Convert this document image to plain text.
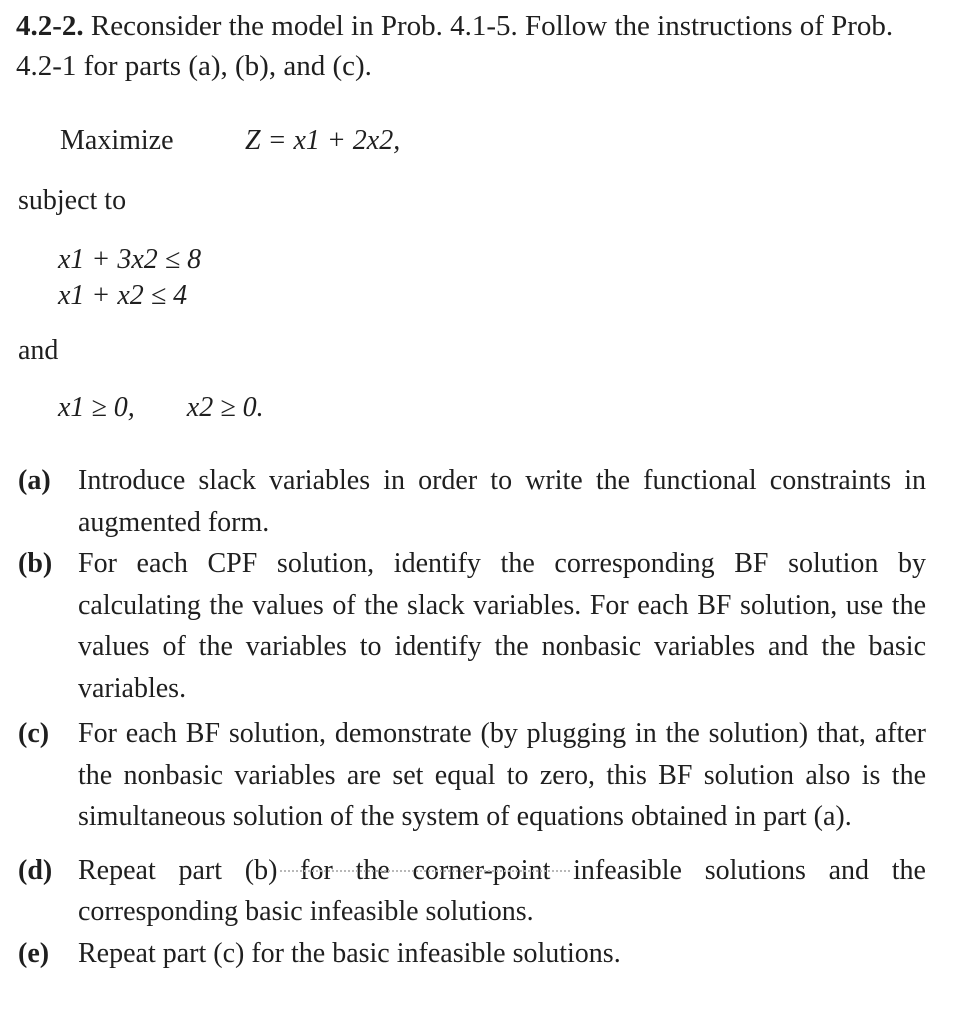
4.2-2. Reconsider the model in Prob. 4.1-5. Follow the instructions of Prob. 4.2-1 for parts (a), (b), and (c).
Maximize	Z = x1 + 2x2,
subject to
x1 + 3x2 ≤ 8
x1 + x2 ≤ 4
and
x1 ≥ 0, x2 ≥ 0.
(a) Introduce slack variables in order to write the functional constraints in augmented form.
(b) For each CPF solution, identify the corresponding BF solution by calculating the values of the slack variables. For each BF solution, use the values of the variables to identify the nonbasic variables and the basic variables.
(c)	For each BF solution, demonstrate (by plugging in the solution) that, after the nonbasic variables are set equal to zero, this BF solution also is the simultaneous solution of the system of equations obtained in part (a).
(d) Repeat part (b) for the corner-point infeasible solutions and the corresponding basic infeasible solutions.
(e)	Repeat part (c) for the basic infeasible solutions.
